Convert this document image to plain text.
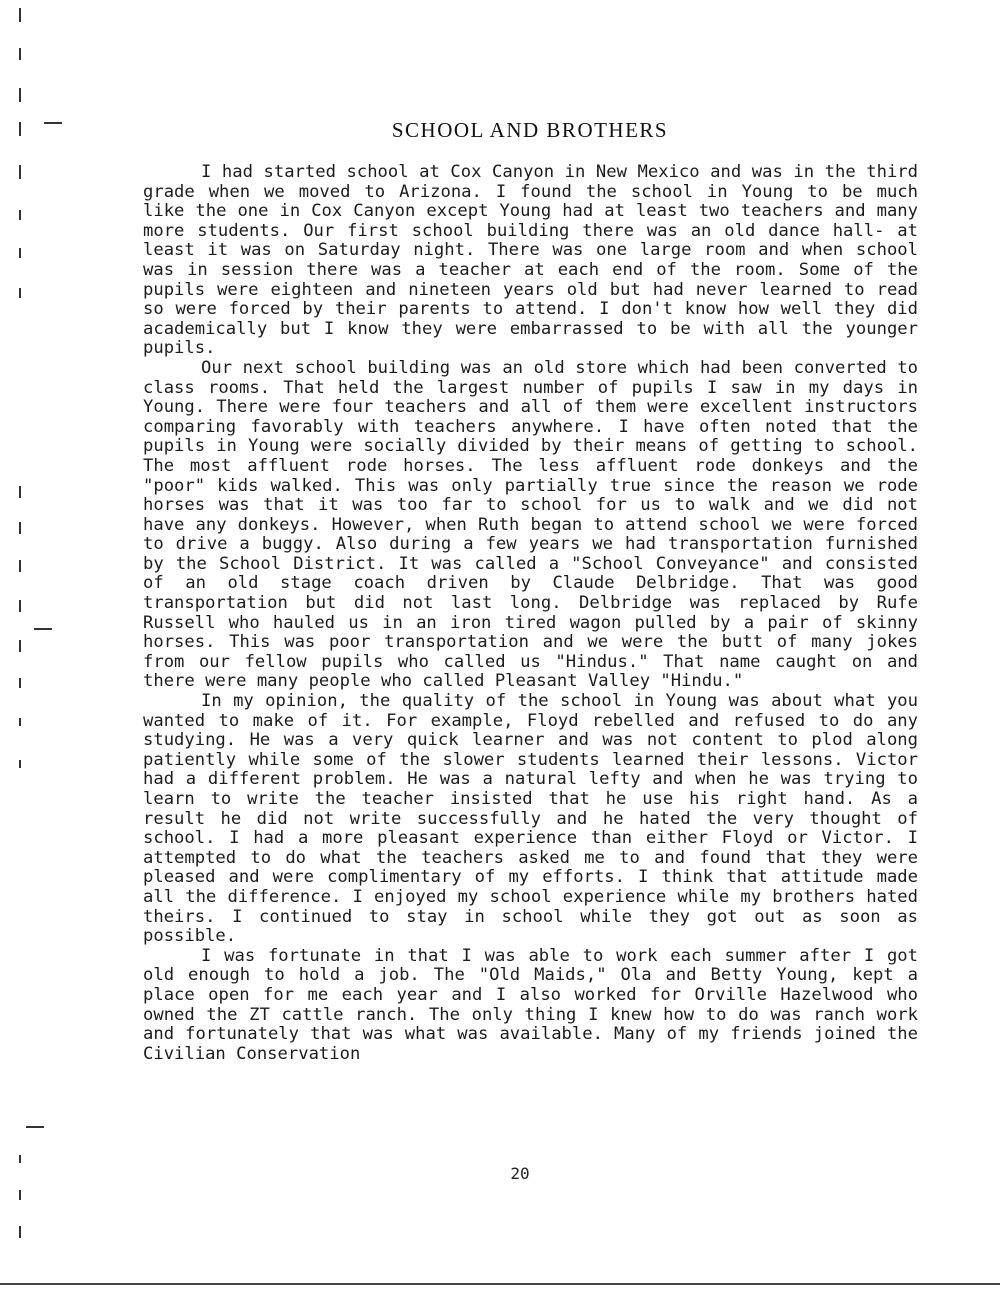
SCHOOL AND BROTHERS

I had started school at Cox Canyon in New Mexico and was in the third grade when we moved to Arizona. I found the school in Young to be much like the one in Cox Canyon except Young had at least two teachers and many more students. Our first school building there was an old dance hall- at least it was on Saturday night. There was one large room and when school was in session there was a teacher at each end of the room. Some of the pupils were eighteen and nineteen years old but had never learned to read so were forced by their parents to attend. I don't know how well they did academically but I know they were embarrassed to be with all the younger pupils.

Our next school building was an old store which had been converted to class rooms. That held the largest number of pupils I saw in my days in Young. There were four teachers and all of them were excellent instructors comparing favorably with teachers anywhere. I have often noted that the pupils in Young were socially divided by their means of getting to school. The most affluent rode horses. The less affluent rode donkeys and the "poor" kids walked. This was only partially true since the reason we rode horses was that it was too far to school for us to walk and we did not have any donkeys. However, when Ruth began to attend school we were forced to drive a buggy. Also during a few years we had transportation furnished by the School District. It was called a "School Conveyance" and consisted of an old stage coach driven by Claude Delbridge. That was good transportation but did not last long. Delbridge was replaced by Rufe Russell who hauled us in an iron tired wagon pulled by a pair of skinny horses. This was poor transportation and we were the butt of many jokes from our fellow pupils who called us "Hindus." That name caught on and there were many people who called Pleasant Valley "Hindu."

In my opinion, the quality of the school in Young was about what you wanted to make of it. For example, Floyd rebelled and refused to do any studying. He was a very quick learner and was not content to plod along patiently while some of the slower students learned their lessons. Victor had a different problem. He was a natural lefty and when he was trying to learn to write the teacher insisted that he use his right hand. As a result he did not write successfully and he hated the very thought of school. I had a more pleasant experience than either Floyd or Victor. I attempted to do what the teachers asked me to and found that they were pleased and were complimentary of my efforts. I think that attitude made all the difference. I enjoyed my school experience while my brothers hated theirs. I continued to stay in school while they got out as soon as possible.

I was fortunate in that I was able to work each summer after I got old enough to hold a job. The "Old Maids," Ola and Betty Young, kept a place open for me each year and I also worked for Orville Hazelwood who owned the ZT cattle ranch. The only thing I knew how to do was ranch work and fortunately that was what was available. Many of my friends joined the Civilian Conservation

20
